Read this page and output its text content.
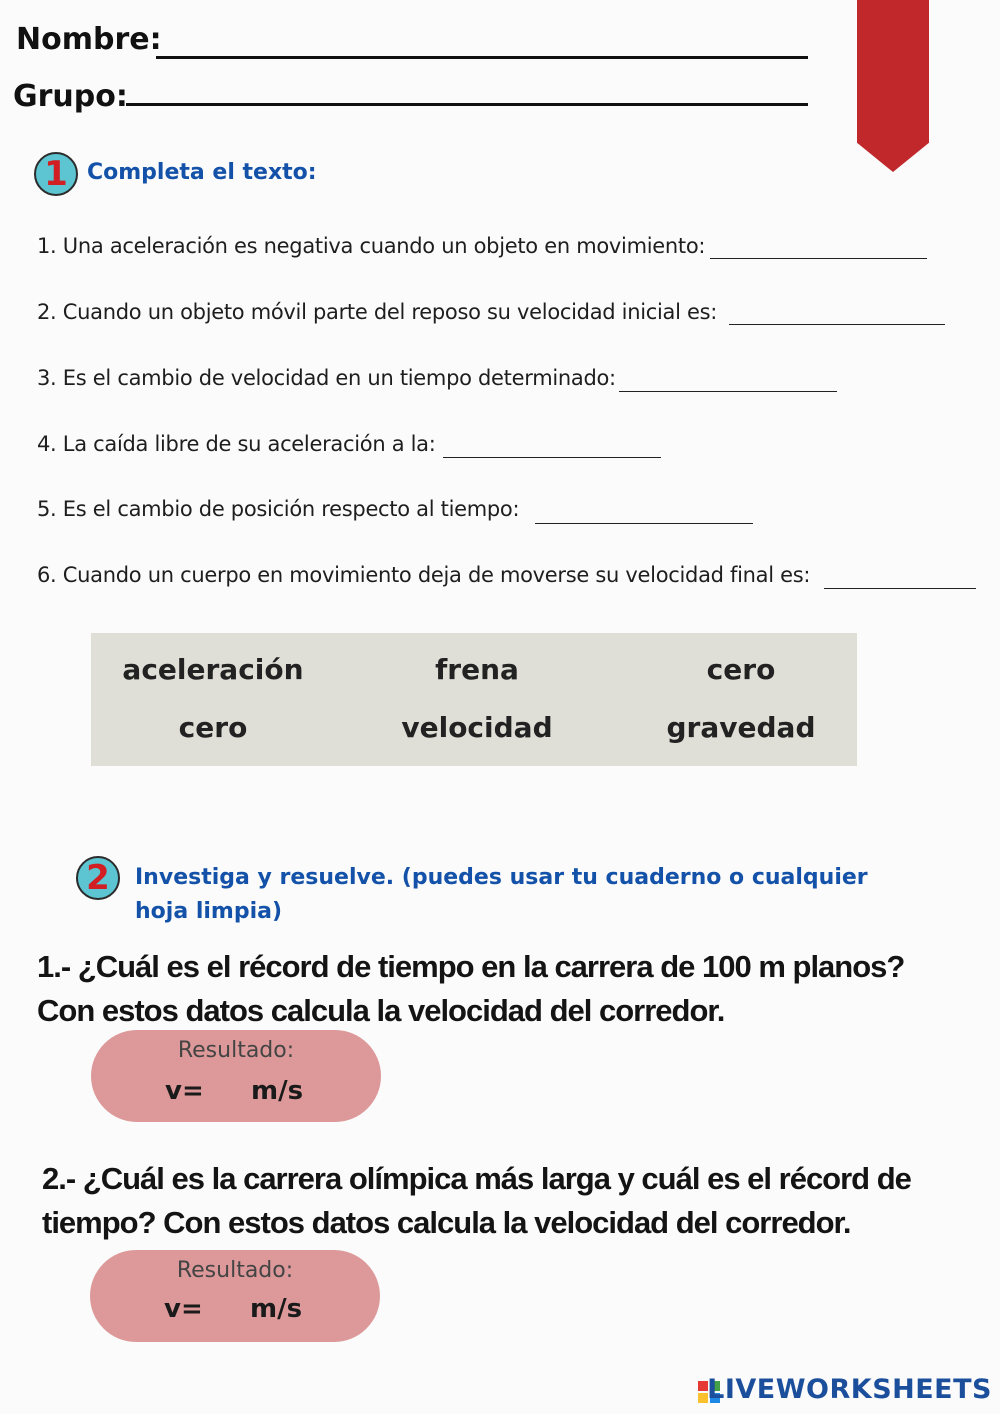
Nombre:
Grupo:
1 Completa el texto:
1. Una aceleración es negativa cuando un objeto en movimiento:
2. Cuando un objeto móvil parte del reposo su velocidad inicial es:
3. Es el cambio de velocidad en un tiempo determinado:
4. La caída libre de su aceleración a la:
5. Es el cambio de posición respecto al tiempo:
6. Cuando un cuerpo en movimiento deja de moverse su velocidad final es:
aceleración	frena	cero
cero	velocidad	gravedad
2	Investiga y resuelve. (puedes usar tu cuaderno o cualquier hoja limpia)
1.- ¿Cuál es el récord de tiempo en la carrera de 100 m planos?
Con estos datos calcula la velocidad del corredor.
Resultado:
v= m/s
2.- ¿Cuál es la carrera olímpica más larga y cuál es el récord de
tiempo? Con estos datos calcula la velocidad del corredor.
Resultado:
v= m/s
LIVEWORKSHEETS
